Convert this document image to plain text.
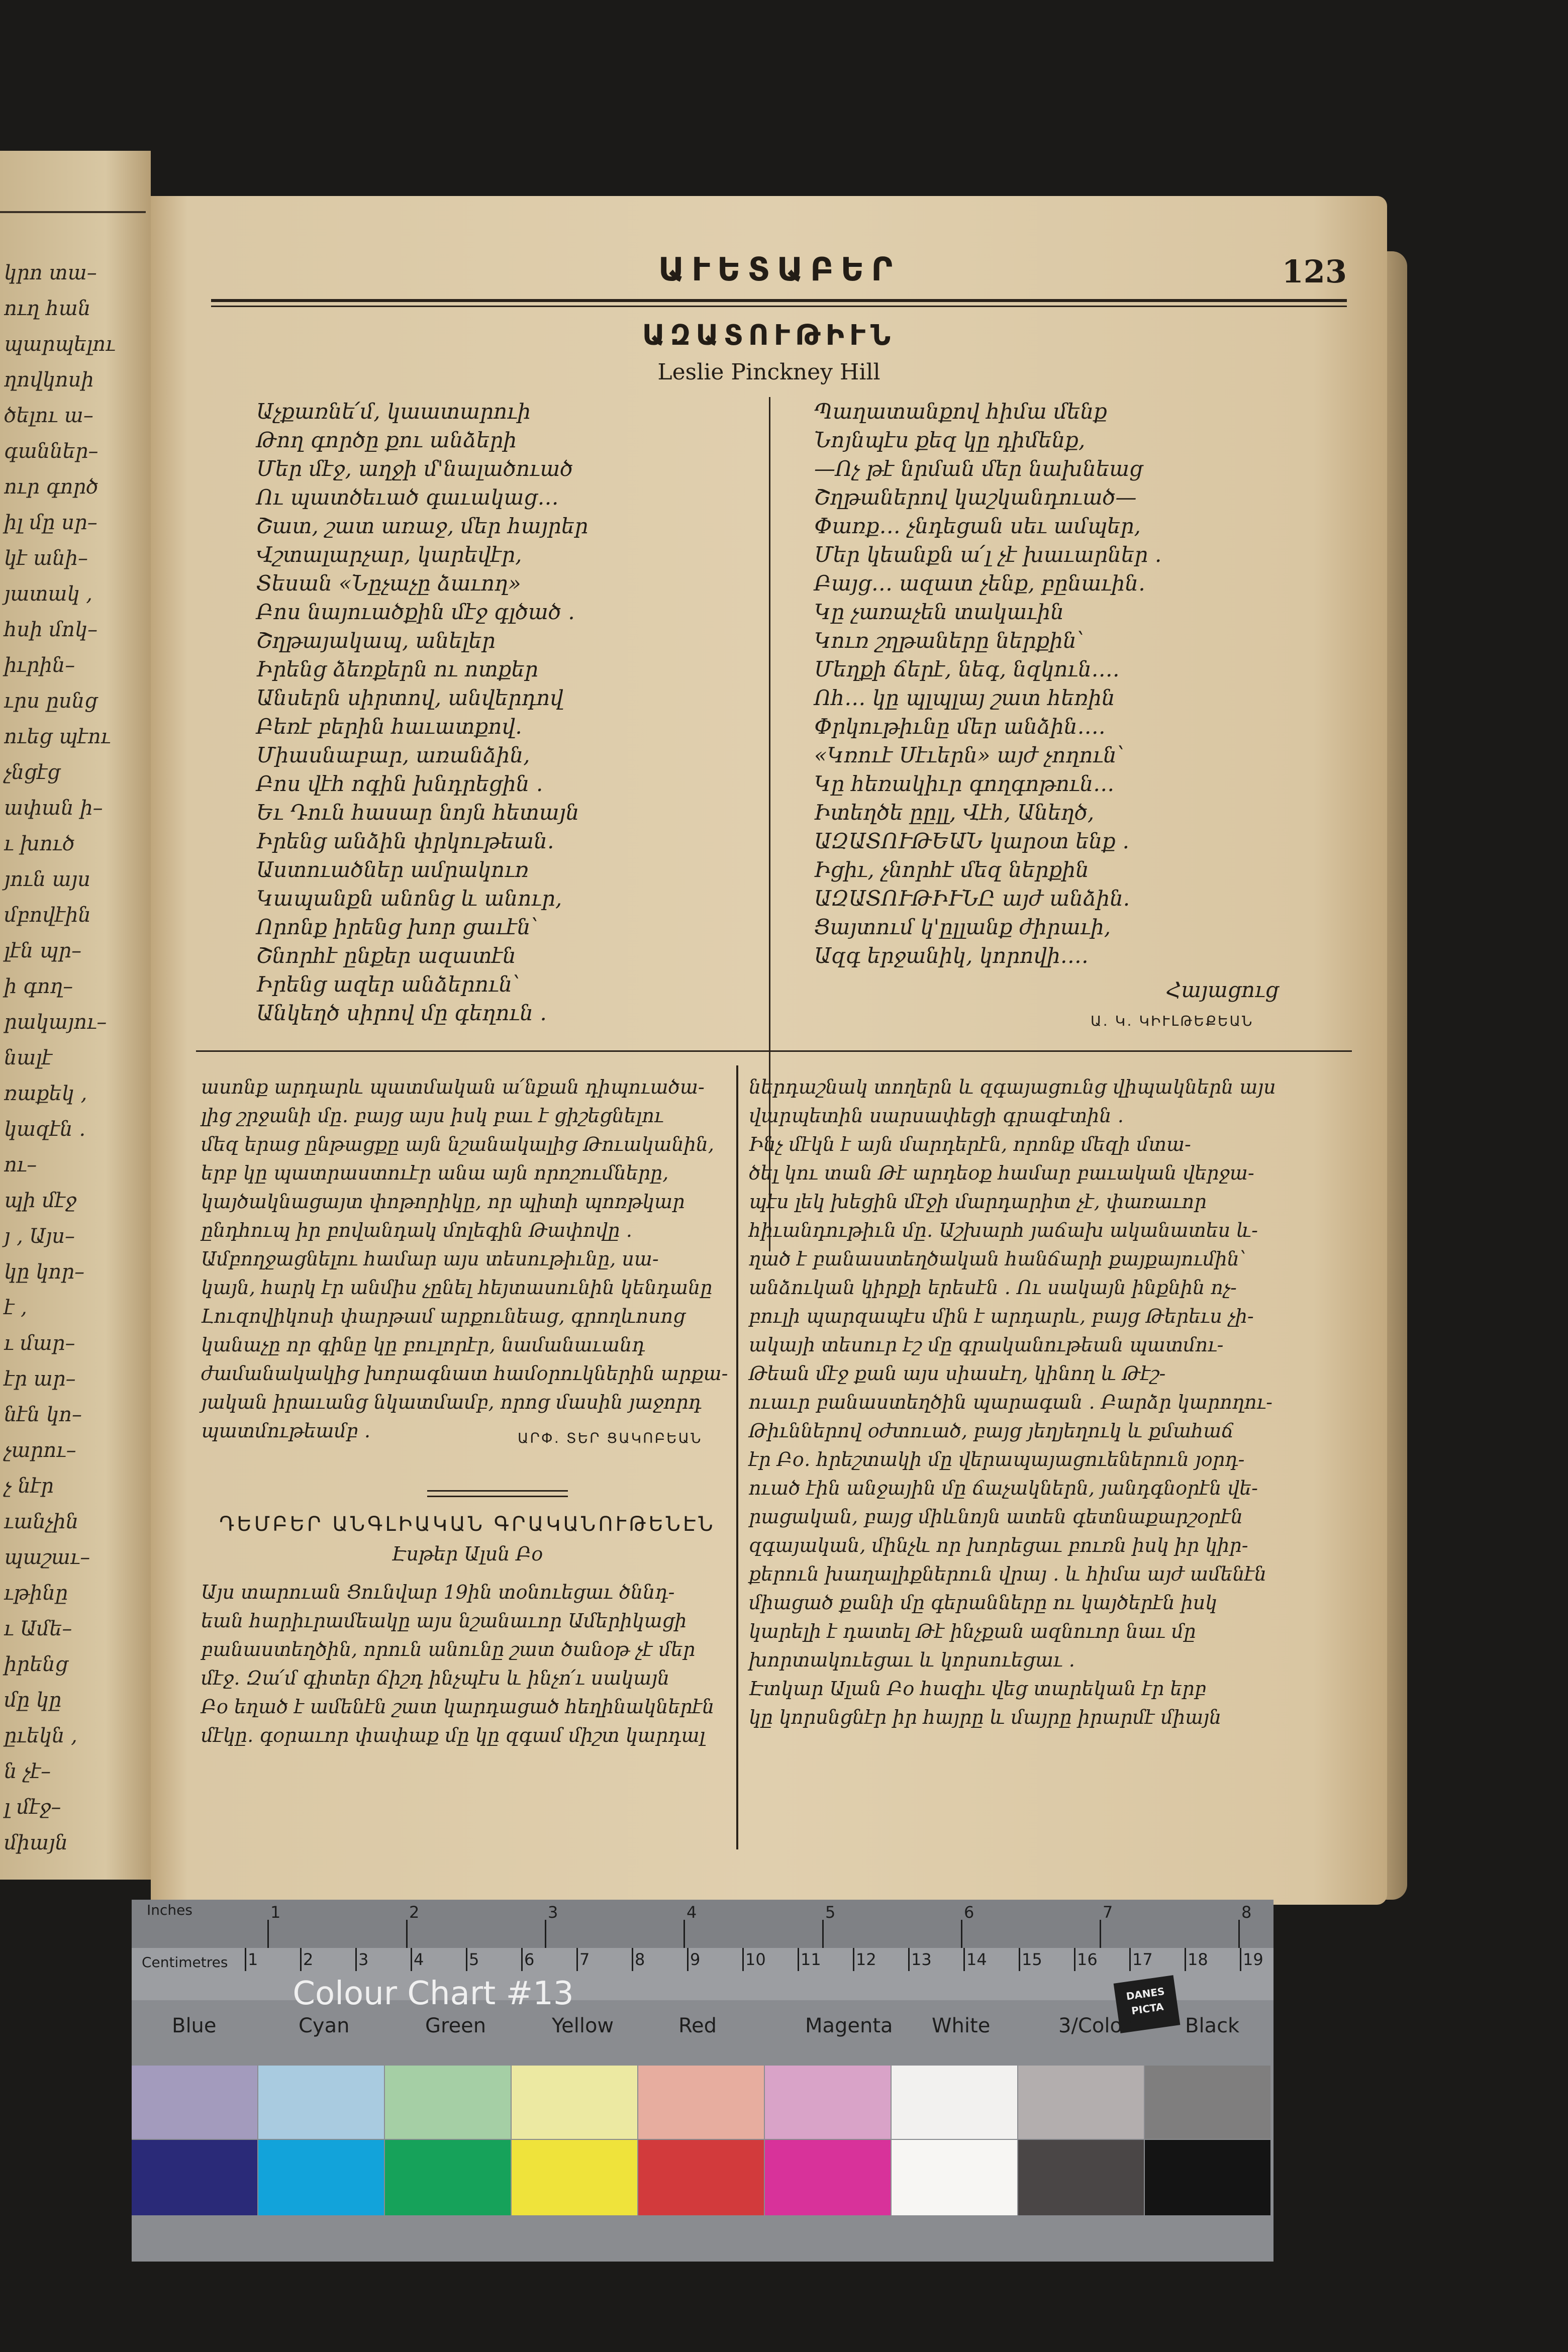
կրո տա–
ուղ հան
պարպելու
ղովկոսի
ծելու ա–
գաններ–
ուր գործ
իլ մը սր–
կէ անի–
յատակ ,
հսի մոկ–
իւրին–
ւրս ըսնց
ուեց պէու
չնցէց
ափան ի–
ւ խուծ
յուն այս
մբովէին
լէն պր–
ի գող–
րակայու–
նալէ
ռաքեկ ,
կազէն ․
ու–
պի մէջ
յ , Այս–
կը կոր–
է ,
ւ մար–
էր ար–
նէն կո–
չարու–
չ նէր
ւանչին
պաշաւ–
ւթինը
ւ Ամե–
իրենց
մը կը
ըւեկն ,
ն չէ–
լ մէջ–
միայն
ԱՒԵՏԱԲԵՐ	123
ԱԶԱՏՈՒԹԻՒՆ
Leslie Pinckney Hill
Աչքառնե՛մ, կաատարուի
Թող գործը քու անձերի
Մեր մէջ, աղջի մ'նալածուած
Ու պատծեւած գաւակաց․․․
Շատ, շատ առաջ, մեր հայրեր
Վշտալարչար, կարեվէր,
Տեսան «Նըչաչը ձաւող»
Բոս նայուածքին մէջ գլծած ․
Շղթայակապ, անելեր
Իրենց ձեռքերն ու ոտքեր
Անսերն սիրտով, անվերդով
Բեռէ բերին հաւատքով․
Միասնաբար, առանձին,
Բոս վէհ ոգին խնդրեցին ․
Եւ Դուն հասար նոյն հետայն
Իրենց անձին փրկութեան․
Աստուածներ ամրակուռ
Կապանքն անոնց և անուր,
Որոնք իրենց խոր ցաւէն՝
Շնորհէ ընքեր ազատէն
Իրենց ազեր անձերուն՝
Անկեղծ սիրով մը գեղուն ․
Պաղատանքով հիմա մենք
Նոյնպէս քեզ կը դիմենք,
—Ոչ թէ նրման մեր նախնեաց
Շղթաներով կաշկանդուած—
Փառք․․․ չնդեցան սեւ ամպեր,
Մեր կեանքն ա՛լ չէ խաւարներ ․
Բայց․․․ ազատ չենք, բընաւին․
Կը չառաչեն տակաւին
Կուռ շղթաները ներքին՝
Մեղքի ճերէ, նեգ, նզկուն․․․․
Ոհ․․․ կը պլպլայ շատ հեռին
Փրկութիւնը մեր անձին․․․․
«Կռուէ Սէւերն» այժ չողուն՝
Կը հեռակիւր գողգոթուն․․․
Իտեղծե ըըլլ, Վէհ, Անեղծ,
ԱԶԱՏՈՒԹԵԱՆ կարօտ ենք ․
Իցիւ, չնորհէ մեզ ներքին
ԱԶԱՏՈՒԹԻՒՆԸ այժ անձին.
Ցայտում կ'ըլլանք ժիրաւի,
Ազգ երջանիկ, կորովի․․․․
Հայացուց
Ա․ Կ․ ԿԻՒԼԹԵՔԵԱՆ
ասոնք արդարև պատմական ա՛նքան դիպուածա-
լից շրջանի մը․ բայց այս իսկ բաւ է ցիշեցնելու
մեզ երաց ընթացքը այն նշանակալից Թուականին,
երբ կը պատրաստուէր անա այն որոշումները,
կայծակնացայտ փոթորիկը, որ պիտի պոռթկար
ընդհուպ իր բովանդակ մոլեգին Թափովը ․
Ամբողջացնելու համար այս տեսութիւնը, սա-
կայն, հարկ էր անմիս չընել հեյտասունին կենդանը
Լուզովիկոսի փարթամ արքունեաց, գրողևոսոց
կանաչը որ գինը կը բուլորէր, նամանաւանդ
ժամանակակից խորագնատ համօրուկներին արքա-
յական իրաւանց նկատմամբ, որոց մասին յաջորդ
պատմութեամբ ․	ԱՐՓ․ ՏԵՐ ՑԱԿՈԲԵԱՆ
ԴԵՄԲԵՐ ԱՆԳԼԻԱԿԱՆ ԳՐԱԿԱՆՈՒԹԵՆԷՆ
Էսթեր Ալսն Բօ
Այս տարուան Ցունվար 19ին տօնուեցաւ ծննդ-
եան հարիւրամեակը այս նշանաւոր Ամերիկացի
բանաստեղծին, որուն անունը շատ ծանօթ չէ մեր
մէջ․ Զա՛մ գիտեր ճիշդ ինչպէս և ինչո՛ւ սակայն
Բօ եղած է ամենէն շատ կարդացած հեղինակներէն
մէկը․ գօրաւոր փափաք մը կը զգամ միշտ կարդալ
ներդաշնակ տողերն և զգայացունց վիպակներն այս
վարպետին սարսափեցի գրագէտին ․
Ինչ մէկն է այն մարդերէն, որոնք մեզի մտա-
ծել կու տան Թէ արդեօք համար բաւական վերջա-
պէս լեկ խեցին մէջի մարդարիտ չէ, փառաւոր
հիւանդութիւն մը․ Աշխարհ յաճախ ականատես և-
ղած է բանաստեղծական հանճարի քայքայումին՝
անձուկան կիրքի երեսէն ․ Ու սակայն ինքնին ոչ-
բուլի պարզապէս մին է արդարև, բայց Թերեւս չի-
ակայի տեսուր էշ մը գրականութեան պատմու-
Թեան մէջ քան այս սիասէղ, կինող և Թէշ-
ուաւր բանաստեղծին պարագան ․ Բարձր կարողու-
Թիւններով օժտուած, բայց յեղյեղուկ և քմահաճ
էր Բօ․ հրեշտակի մը վերապայացուեներուն յօրդ-
ուած էին անջային մը ճաչակներն, յանդգնօրէն վե-
րացական, բայց միևնոյն ատեն գետնաքարշօրէն
զգայական, մինչև որ խորեցաւ բուռն իսկ իր կիր-
քերուն խաղալիքներուն վրայ ․ և հիմա այժ ամենէն
միացած քանի մը գերանները ու կայծերէն իսկ
կարելի է դատել Թէ ինչքան ազնուոր նաւ մը
խորտակուեցաւ և կորսուեցաւ ․
Էտկար Ալան Բօ հազիւ վեց տարեկան էր երբ
կը կորսնցնէր իր հայրը և մայրը իրարմէ միայն
Inches
Centimetres
1	2	3	4	5	6	7	8
1	2	3	4	5	6	7	8	9	10 11 12 13 14 15 16 17 18 19
Colour Chart #13	DANES PICTA
Blue	Cyan	Green	Yellow	Red	Magenta White	3/Color	Black
